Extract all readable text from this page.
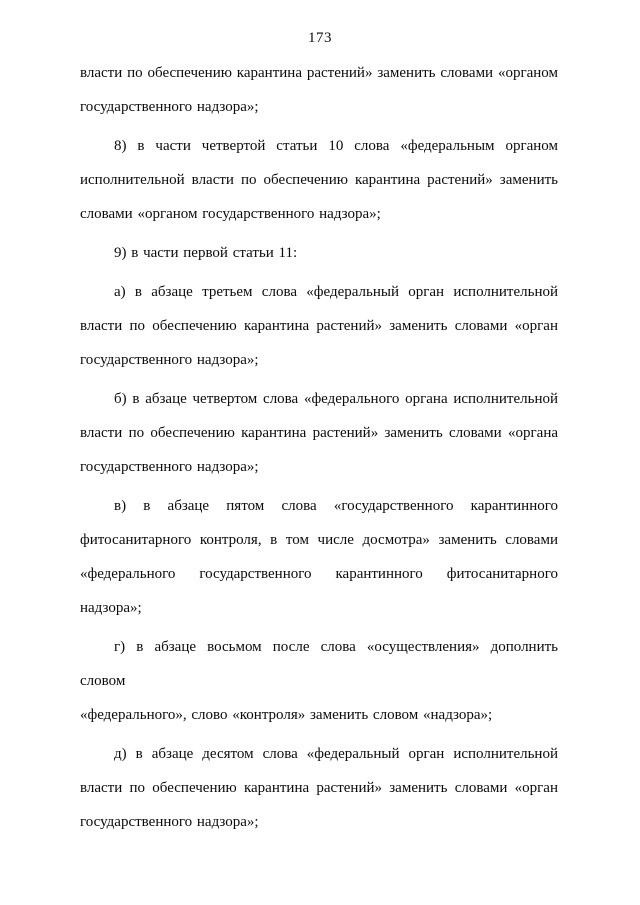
173
власти по обеспечению карантина растений» заменить словами «органом
государственного надзора»;
8) в части четвертой статьи 10 слова «федеральным органом
исполнительной власти по обеспечению карантина растений» заменить
словами «органом государственного надзора»;
9) в части первой статьи 11:
а) в абзаце третьем слова «федеральный орган исполнительной
власти по обеспечению карантина растений» заменить словами «орган
государственного надзора»;
б) в абзаце четвертом слова «федерального органа исполнительной
власти по обеспечению карантина растений» заменить словами «органа
государственного надзора»;
в) в абзаце пятом слова «государственного карантинного
фитосанитарного контроля, в том числе досмотра» заменить словами
«федерального государственного карантинного фитосанитарного
надзора»;
г) в абзаце восьмом после слова «осуществления» дополнить словом
«федерального», слово «контроля» заменить словом «надзора»;
д) в абзаце десятом слова «федеральный орган исполнительной
власти по обеспечению карантина растений» заменить словами «орган
государственного надзора»;
